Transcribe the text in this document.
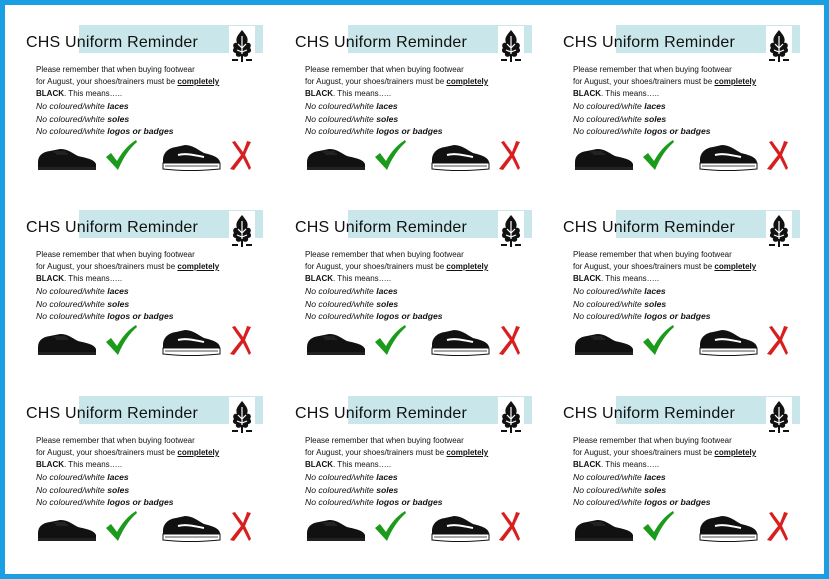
CHS Uniform Reminder
Please remember that when buying footwear
for August, your shoes/trainers must be completely
BLACK. This means…..
No coloured/white laces
No coloured/white soles
No coloured/white logos or badges
CHS Uniform Reminder
Please remember that when buying footwear
for August, your shoes/trainers must be completely
BLACK. This means…..
No coloured/white laces
No coloured/white soles
No coloured/white logos or badges
CHS Uniform Reminder
Please remember that when buying footwear
for August, your shoes/trainers must be completely
BLACK. This means…..
No coloured/white laces
No coloured/white soles
No coloured/white logos or badges
CHS Uniform Reminder
Please remember that when buying footwear
for August, your shoes/trainers must be completely
BLACK. This means…..
No coloured/white laces
No coloured/white soles
No coloured/white logos or badges
CHS Uniform Reminder
Please remember that when buying footwear
for August, your shoes/trainers must be completely
BLACK. This means…..
No coloured/white laces
No coloured/white soles
No coloured/white logos or badges
CHS Uniform Reminder
Please remember that when buying footwear
for August, your shoes/trainers must be completely
BLACK. This means…..
No coloured/white laces
No coloured/white soles
No coloured/white logos or badges
CHS Uniform Reminder
Please remember that when buying footwear
for August, your shoes/trainers must be completely
BLACK. This means…..
No coloured/white laces
No coloured/white soles
No coloured/white logos or badges
CHS Uniform Reminder
Please remember that when buying footwear
for August, your shoes/trainers must be completely
BLACK. This means…..
No coloured/white laces
No coloured/white soles
No coloured/white logos or badges
CHS Uniform Reminder
Please remember that when buying footwear
for August, your shoes/trainers must be completely
BLACK. This means…..
No coloured/white laces
No coloured/white soles
No coloured/white logos or badges
